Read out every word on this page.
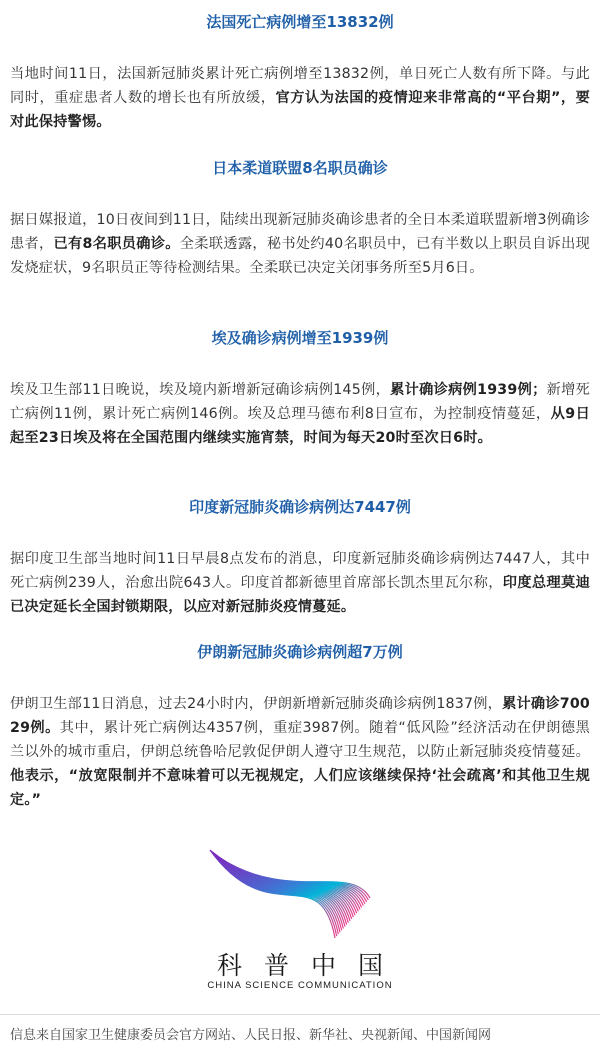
法国死亡病例增至13832例

当地时间11日，法国新冠肺炎累计死亡病例增至13832例，单日死亡人数有所下降。与此同时，重症患者人数的增长也有所放缓，官方认为法国的疫情迎来非常高的“平台期”，要对此保持警惕。

日本柔道联盟8名职员确诊

据日媒报道，10日夜间到11日，陆续出现新冠肺炎确诊患者的全日本柔道联盟新增3例确诊患者，已有8名职员确诊。全柔联透露，秘书处约40名职员中，已有半数以上职员自诉出现发烧症状，9名职员正等待检测结果。全柔联已决定关闭事务所至5月6日。

埃及确诊病例增至1939例

埃及卫生部11日晚说，埃及境内新增新冠确诊病例145例，累计确诊病例1939例；新增死亡病例11例，累计死亡病例146例。埃及总理马德布利8日宣布，为控制疫情蔓延，从9日起至23日埃及将在全国范围内继续实施宵禁，时间为每天20时至次日6时。

印度新冠肺炎确诊病例达7447例

据印度卫生部当地时间11日早晨8点发布的消息，印度新冠肺炎确诊病例达7447人，其中死亡病例239人，治愈出院643人。印度首都新德里首席部长凯杰里瓦尔称，印度总理莫迪已决定延长全国封锁期限，以应对新冠肺炎疫情蔓延。

伊朗新冠肺炎确诊病例超7万例

伊朗卫生部11日消息，过去24小时内，伊朗新增新冠肺炎确诊病例1837例，累计确诊70029例。其中，累计死亡病例达4357例，重症3987例。随着“低风险”经济活动在伊朗德黑兰以外的城市重启，伊朗总统鲁哈尼敦促伊朗人遵守卫生规范，以防止新冠肺炎疫情蔓延。他表示，“放宽限制并不意味着可以无视规定，人们应该继续保持‘社会疏离’和其他卫生规定。”

科普中国
CHINA SCIENCE COMMUNICATION
信息来自国家卫生健康委员会官方网站、人民日报、新华社、央视新闻、中国新闻网
